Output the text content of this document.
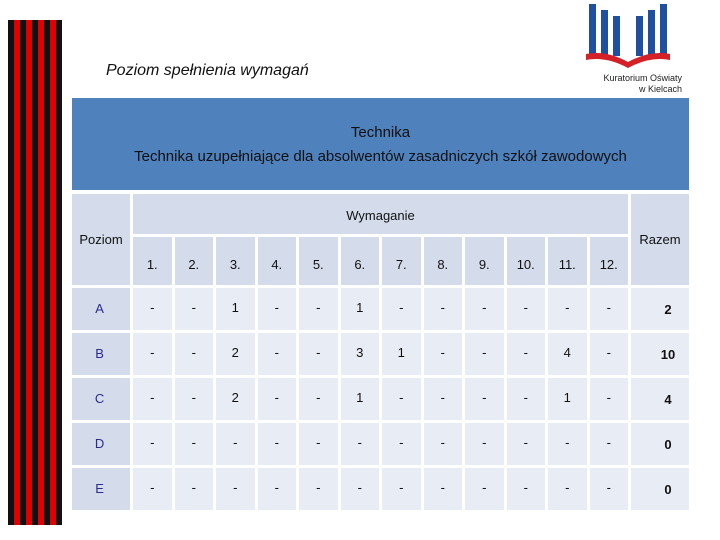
Poziom spełnienia wymagań	Kuratorium Oświaty
w Kielcach
Technika
Technika uzupełniające dla absolwentów zasadniczych szkół zawodowych
Poziom
Wymaganie
Razem
1.	2.	3.	4.	5.	6.	7.	8.	9.	10.	11.	12.
A	-	-	1	-	-	1	-	-	-	-	-	-	2
B	-	-	2	-	-	3	1	-	-	-	4	-	10
C	-	-	2	-	-	1	-	-	-	-	1	-	4
D	-	-	-	-	-	-	-	-	-	-	-	-	0
E	-	-	-	-	-	-	-	-	-	-	-	-	0
